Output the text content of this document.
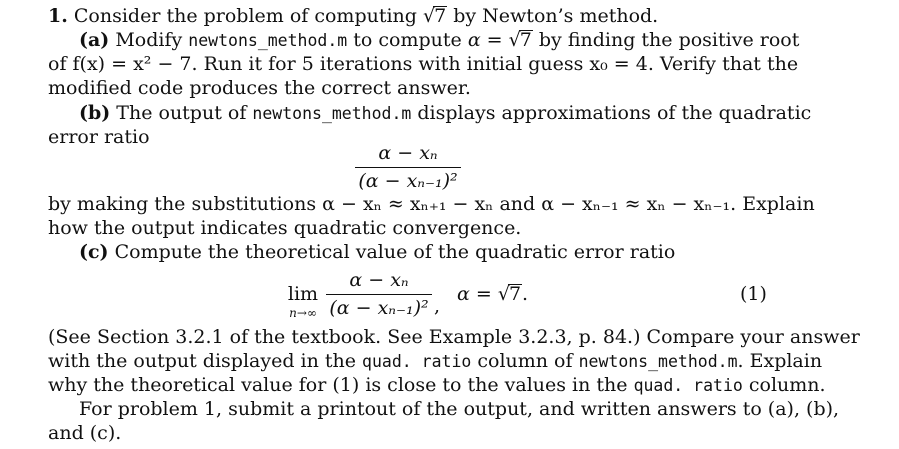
1. Consider the problem of computing √7 by Newton’s method.
(a) Modify newtons_method.m to compute α = √7 by finding the positive root
of f(x) = x² − 7. Run it for 5 iterations with initial guess x₀ = 4. Verify that the
modified code produces the correct answer.
(b) The output of newtons_method.m displays approximations of the quadratic
error ratio
α − xₙ
(α − xₙ₋₁)²
by making the substitutions α − xₙ ≈ xₙ₊₁ − xₙ and α − xₙ₋₁ ≈ xₙ − xₙ₋₁. Explain
how the output indicates quadratic convergence.
(c) Compute the theoretical value of the quadratic error ratio
lim
n→∞
α − xₙ
(α − xₙ₋₁)² ,
α = √7.	(1)
(See Section 3.2.1 of the textbook. See Example 3.2.3, p. 84.) Compare your answer
with the output displayed in the quad. ratio column of newtons_method.m. Explain
why the theoretical value for (1) is close to the values in the quad. ratio column.
For problem 1, submit a printout of the output, and written answers to (a), (b),
and (c).
